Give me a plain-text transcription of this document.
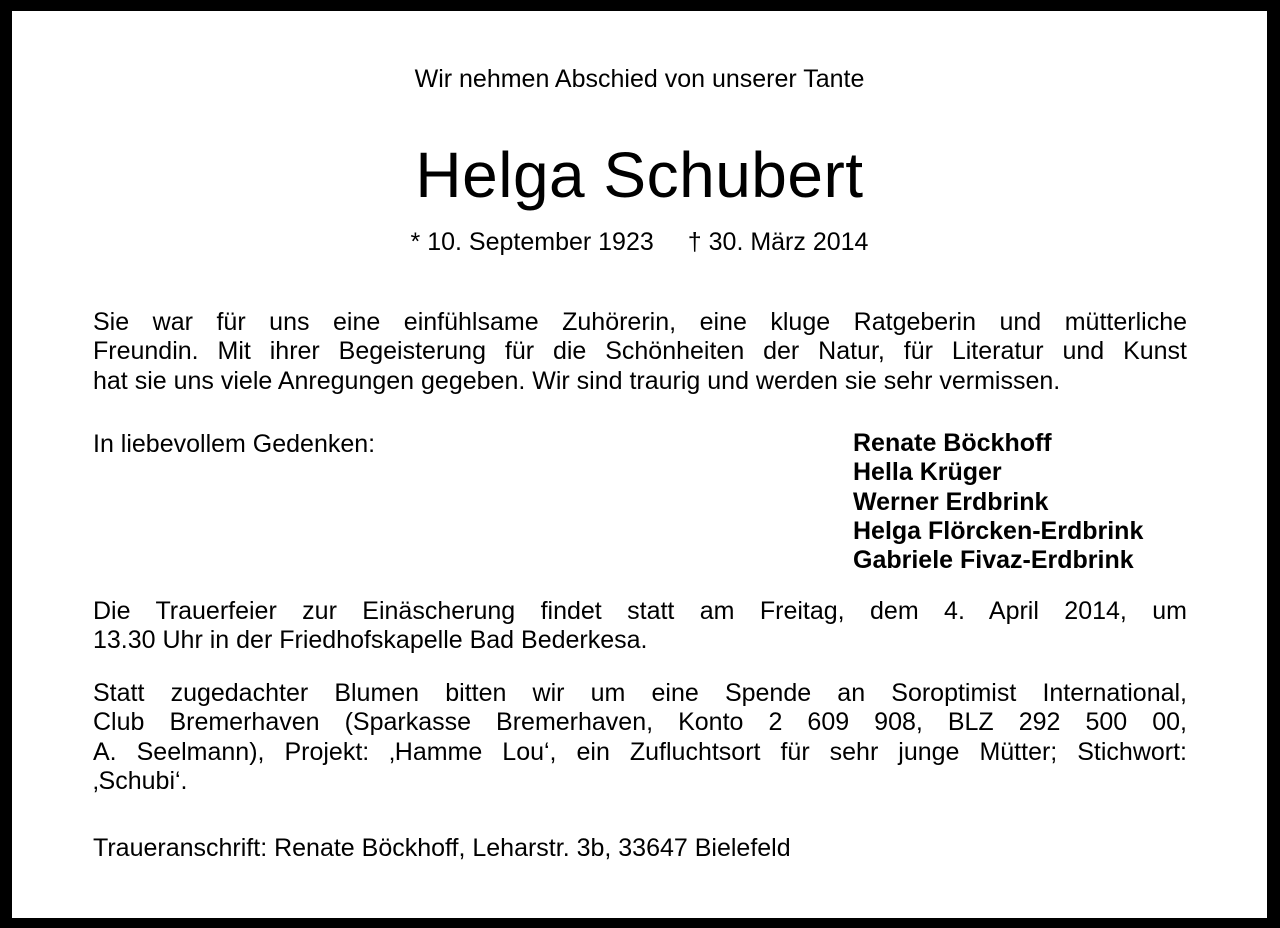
Wir nehmen Abschied von unserer Tante
Helga Schubert
* 10. September 1923 † 30. März 2014
Sie war für uns eine einfühlsame Zuhörerin, eine kluge Ratgeberin und mütterliche
Freundin. Mit ihrer Begeisterung für die Schönheiten der Natur, für Literatur und Kunst
hat sie uns viele Anregungen gegeben. Wir sind traurig und werden sie sehr vermissen.
In liebevollem Gedenken:	Renate Böckhoff
Hella Krüger
Werner Erdbrink
Helga Flörcken-Erdbrink
Gabriele Fivaz-Erdbrink
Die Trauerfeier zur Einäscherung findet statt am Freitag, dem 4. April 2014, um
13.30 Uhr in der Friedhofskapelle Bad Bederkesa.
Statt zugedachter Blumen bitten wir um eine Spende an Soroptimist International,
Club Bremerhaven (Sparkasse Bremerhaven, Konto 2 609 908, BLZ 292 500 00,
A. Seelmann), Projekt: ‚Hamme Lou‘, ein Zufluchtsort für sehr junge Mütter; Stichwort:
‚Schubi‘.
Traueranschrift: Renate Böckhoff, Leharstr. 3b, 33647 Bielefeld
